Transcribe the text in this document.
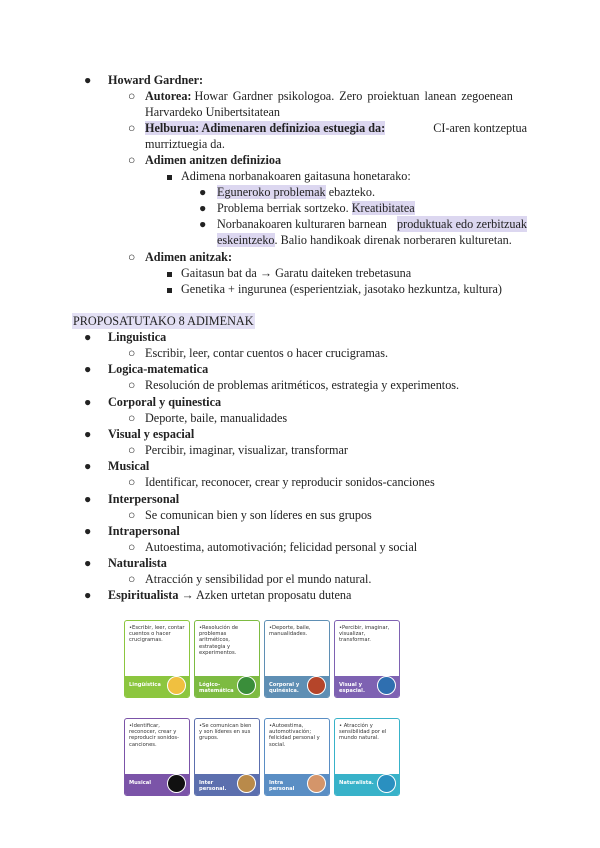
● Howard Gardner:
○ Autorea: Howar Gardner psikologoa. Zero proiektuan lanean zegoenean
Harvardeko Unibertsitatean
○ Helburua: Adimenaren definizioa estuegia da:	CI-aren kontzeptua
murriztuegia da.
○ Adimen anitzen definizioa
Adimena norbanakoaren gaitasuna honetarako:
● Eguneroko problemak ebazteko.
● Problema berriak sortzeko. Kreatibitatea
● Norbanakoaren kulturaren barnean produktuak edo zerbitzuak
eskeintzeko. Balio handikoak direnak norberaren kulturetan.
○ Adimen anitzak:
Gaitasun bat da → Garatu daiteken trebetasuna
Genetika + ingurunea (esperientziak, jasotako hezkuntza, kultura)
PROPOSATUTAKO 8 ADIMENAK
● Linguistica
○ Escribir, leer, contar cuentos o hacer crucigramas.
● Logica-matematica
○ Resolución de problemas aritméticos, estrategia y experimentos.
● Corporal y quinestica
○ Deporte, baile, manualidades
● Visual y espacial
○ Percibir, imaginar, visualizar, transformar
● Musical
○ Identificar, reconocer, crear y reproducir sonidos-canciones
● Interpersonal
○ Se comunican bien y son líderes en sus grupos
● Intrapersonal
○ Autoestima, automotivación; felicidad personal y social
● Naturalista
○ Atracción y sensibilidad por el mundo natural.
● Espiritualista → Azken urtetan proposatu dutena
•Escribir, leer, contar cuentos o hacer crucigramas.
Lingüística
•Resolución de problemas aritméticos, estrategia y experimentos.
Lógico-matemática
•Deporte, baile, manualidades.
Corporal y quinésica.
•Percibir, imaginar, visualizar, transformar.
Visual y espacial.
•Identificar, reconocer, crear y reproducir sonidos-canciones.
Musical
•Se comunican bien y son líderes en sus grupos.
Inter personal.
•Autoestima, automotivación; felicidad personal y social.
Intra personal
• Atracción y sensibilidad por el mundo natural.
Naturalista.
